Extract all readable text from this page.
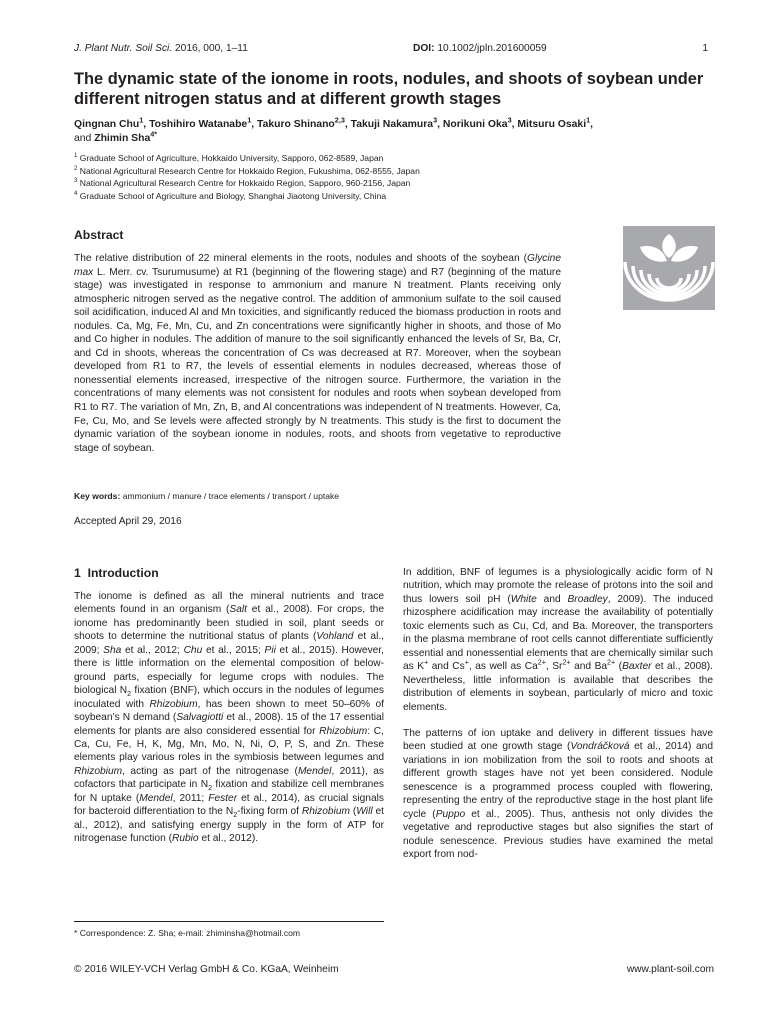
J. Plant Nutr. Soil Sci. 2016, 000, 1–11	DOI: 10.1002/jpln.201600059	1
The dynamic state of the ionome in roots, nodules, and shoots of soybean under different nitrogen status and at different growth stages
Qingnan Chu$^1$, Toshihiro Watanabe$^1$, Takuro Shinano$^{2,3}$, Takuji Nakamura$^3$, Norikuni Oka$^3$, Mitsuru Osaki$^1$,
and Zhimin Sha$^{4*}$
$^1$ Graduate School of Agriculture, Hokkaido University, Sapporo, 062-8589, Japan
$^2$ National Agricultural Research Centre for Hokkaido Region, Fukushima, 062-8555, Japan
$^3$ National Agricultural Research Centre for Hokkaido Region, Sapporo, 960-2156, Japan
$^4$ Graduate School of Agriculture and Biology, Shanghai Jiaotong University, China
Abstract
The relative distribution of 22 mineral elements in the roots, nodules and shoots of the soybean (Glycine max L. Merr. cv. Tsurumusume) at R1 (beginning of the flowering stage) and R7 (beginning of the mature stage) was investigated in response to ammonium and manure N treatment. Plants receiving only atmospheric nitrogen served as the negative control. The addition of ammonium sulfate to the soil caused soil acidification, induced Al and Mn toxicities, and significantly reduced the biomass production in roots and nodules. Ca, Mg, Fe, Mn, Cu, and Zn concentrations were significantly higher in shoots, and those of Mo and Co higher in nodules. The addition of manure to the soil significantly enhanced the levels of Sr, Ba, Cr, and Cd in shoots, whereas the concentration of Cs was decreased at R7. Moreover, when the soybean developed from R1 to R7, the levels of essential elements in nodules decreased, whereas those of nonessential elements increased, irrespective of the nitrogen source. Furthermore, the variation in the concentrations of many elements was not consistent for nodules and roots when soybean developed from R1 to R7. The variation of Mn, Zn, B, and Al concentrations was independent of N treatments. However, Ca, Fe, Cu, Mo, and Se levels were affected strongly by N treatments. This study is the first to document the dynamic variation of the soybean ionome in nodules, roots, and shoots from vegetative to reproductive stage of soybean.
Key words: ammonium / manure / trace elements / transport / uptake
Accepted April 29, 2016
1 Introduction

The ionome is defined as all the mineral nutrients and trace elements found in an organism (Salt et al., 2008). For crops, the ionome has predominantly been studied in soil, plant seeds or shoots to determine the nutritional status of plants (Vohland et al., 2009; Sha et al., 2012; Chu et al., 2015; Pii et al., 2015). However, there is little information on the elemental composition of below-ground parts, especially for legume crops with nodules. The biological $N_2$ fixation (BNF), which occurs in the nodules of legumes inoculated with Rhizobium, has been shown to meet 50–60% of soybean’s N demand (Salvagiotti et al., 2008). 15 of the 17 essential elements for plants are also considered essential for Rhizobium: C, Ca, Cu, Fe, H, K, Mg, Mn, Mo, N, Ni, O, P, S, and Zn. These elements play various roles in the symbiosis between legumes and Rhizobium, acting as part of the nitrogenase (Mendel, 2011), as cofactors that participate in $N_2$ fixation and stabilize cell membranes for N uptake (Mendel, 2011; Fester et al., 2014), as crucial signals for bacteroid differentiation to the $N_2$-fixing form of Rhizobium (Will et al., 2012), and satisfying energy supply in the form of ATP for nitrogenase function (Rubio et al., 2012).

In addition, BNF of legumes is a physiologically acidic form of N nutrition, which may promote the release of protons into the soil and thus lowers soil pH (White and Broadley, 2009). The induced rhizosphere acidification may increase the availability of potentially toxic elements such as Cu, Cd, and Ba. Moreover, the transporters in the plasma membrane of root cells cannot differentiate sufficiently essential and nonessential elements that are chemically similar such as K+ and Cs+, as well as $Ca^{2+}$, $Sr^{2+}$ and $Ba^{2+}$ (Baxter et al., 2008). Nevertheless, little information is available that describes the distribution of elements in soybean, particularly of micro and toxic elements.

The patterns of ion uptake and delivery in different tissues have been studied at one growth stage (Vondráčková et al., 2014) and variations in ion mobilization from the soil to roots and shoots at different growth stages have not yet been considered. Nodule senescence is a programmed process coupled with flowering, representing the entry of the reproductive stage in the host plant life cycle (Puppo et al., 2005). Thus, anthesis not only divides the vegetative and reproductive stages but also signifies the start of nodule senescence. Previous studies have examined the metal export from nod-

* Correspondence: Z. Sha; e-mail: zhiminsha@hotmail.com
© 2016 WILEY-VCH Verlag GmbH & Co. KGaA, Weinheim	www.plant-soil.com
